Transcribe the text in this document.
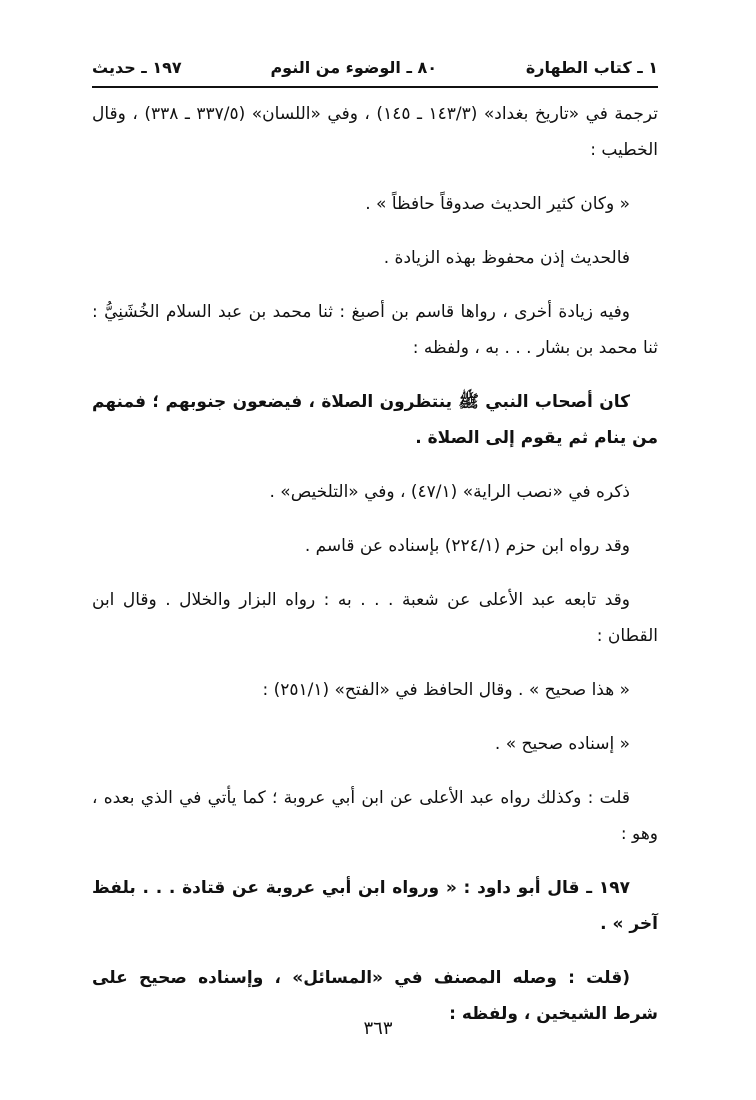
١ ـ كتاب الطهارة
٨٠ ـ الوضوء من النوم
١٩٧ ـ حديث

ترجمة في «تاريخ بغداد» (١٤٣/٣ ـ ١٤٥) ، وفي «اللسان» (٣٣٧/٥ ـ ٣٣٨) ، وقال الخطيب :

« وكان كثير الحديث صدوقاً حافظاً » .

فالحديث إذن محفوظ بهذه الزيادة .

وفيه زيادة أخرى ، رواها قاسم بن أصبغ : ثنا محمد بن عبد السلام الخُشَنِيُّ : ثنا محمد بن بشار . . . به ، ولفظه :

كان أصحاب النبي ﷺ ينتظرون الصلاة ، فيضعون جنوبهم ؛ فمنهم من ينام ثم يقوم إلى الصلاة .

ذكره في «نصب الراية» (٤٧/١) ، وفي «التلخيص» .

وقد رواه ابن حزم (٢٢٤/١) بإسناده عن قاسم .

وقد تابعه عبد الأعلى عن شعبة . . . به : رواه البزار والخلال . وقال ابن القطان :

« هذا صحيح » . وقال الحافظ في «الفتح» (٢٥١/١) :

« إسناده صحيح » .

قلت : وكذلك رواه عبد الأعلى عن ابن أبي عروبة ؛ كما يأتي في الذي بعده ، وهو :

١٩٧ ـ قال أبو داود : « ورواه ابن أبي عروبة عن قتادة . . . بلفظ آخر » .

(قلت : وصله المصنف في «المسائل» ، وإسناده صحيح على شرط الشيخين ، ولفظه :

٣٦٣
